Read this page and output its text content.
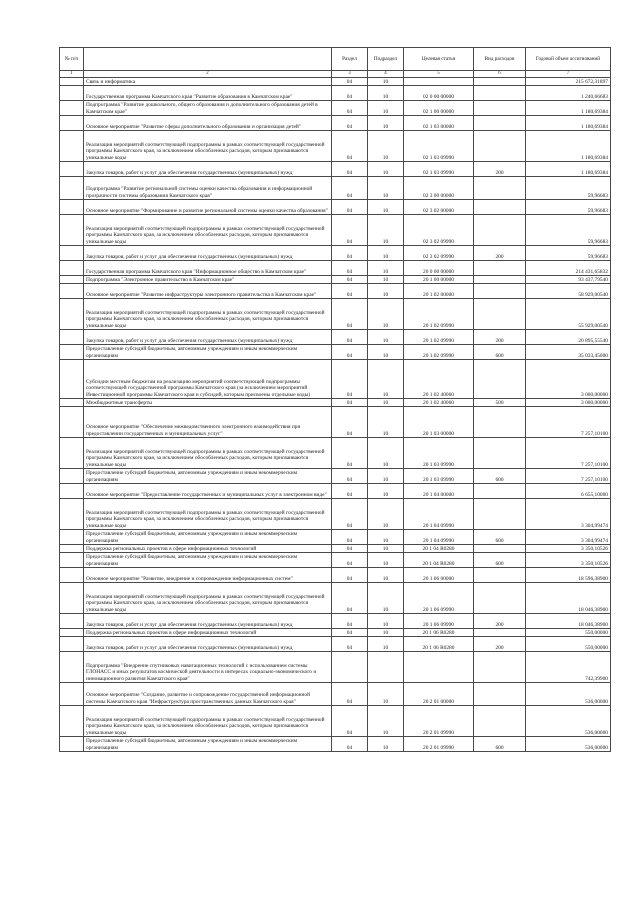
№ п/п		Раздел	Подраздел	Целевая статья	Вид расходов	Годовой объем ассигнований
1	2	3	4	5	6	7
	Связь и информатика	04	10			215 672,31897
	Государственная программа Камчатского края "Развитие образования в Камчатском крае"	04	10	02 0 00 00000		1 240,66683
	Подпрограмма "Развитие дошкольного, общего образования и дополнительного образования детей в Камчатском крае"	04	10	02 1 00 00000		1 180,69384
	Основное мероприятие "Развитие сферы дополнительного образования и организация детей"	04	10	02 1 03 00000		1 180,69384
	Реализация мероприятий соответствующей подпрограммы в рамках соответствующей государственной программы Камчатского края, за исключением обособленных расходов, которым присваиваются уникальные коды	04	10	02 1 03 09990		1 180,69384
	Закупка товаров, работ и услуг для обеспечения государственных (муниципальных) нужд	04	10	02 1 03 09990	200	1 180,69384
	Подпрограмма "Развитие региональной системы оценки качества образования и информационной прозрачности системы образования Камчатского края"	04	10	02 3 00 00000		59,96683
	Основное мероприятие "Формирование и развитие региональной системы оценки качества образования"	04	10	02 3 02 00000		59,96683
	Реализация мероприятий соответствующей подпрограммы в рамках соответствующей государственной программы Камчатского края, за исключением обособленных расходов, которым присваиваются уникальные коды	04	10	02 3 02 09990		59,96683
	Закупка товаров, работ и услуг для обеспечения государственных (муниципальных) нужд	04	10	02 3 02 09990	200	59,96683
	Государственная программа Камчатского края "Информационное общество в Камчатском крае"	04	10	20 0 00 00000		214 431,65832
	Подпрограмма "Электронное правительство в Камчатском крае"	04	10	20 1 00 00000		93 437,79540
	Основное мероприятие "Развитие инфраструктуры электронного правительства в Камчатском крае"	04	10	20 1 02 00000		58 929,00540
	Реализация мероприятий соответствующей подпрограммы в рамках соответствующей государственной программы Камчатского края, за исключением обособленных расходов, которым присваиваются уникальные коды	04	10	20 1 02 09990		55 929,00540
	Закупка товаров, работ и услуг для обеспечения государственных (муниципальных) нужд	04	10	20 1 02 09990	200	20 895,55540
	Предоставление субсидий бюджетным, автономным учреждениям и иным некоммерческим организациям	04	10	20 1 02 09990	600	35 033,45000
	Субсидии местным бюджетам на реализацию мероприятий соответствующей подпрограммы соответствующей государственной программы Камчатского края (за исключением мероприятий Инвестиционной программы Камчатского края и субсидий, которым присвоены отдельные коды)	04	10	20 1 02 40060		3 000,00000
	Межбюджетные трансферты	04	10	20 1 02 40060	500	3 000,00000
	Основное мероприятие "Обеспечение межведомственного электронного взаимодействия при предоставлении государственных и муниципальных услуг"	04	10	20 1 03 00000		7 257,10100
	Реализация мероприятий соответствующей подпрограммы в рамках соответствующей государственной программы Камчатского края, за исключением обособленных расходов, которым присваиваются уникальные коды	04	10	20 1 03 09990		7 257,10100
	Предоставление субсидий бюджетным, автономным учреждениям и иным некоммерческим организациям	04	10	20 1 03 09990	600	7 257,10100
	Основное мероприятие "Предоставление государственных и муниципальных услуг в электронном виде"	04	10	20 1 04 00000		6 655,10000
	Реализация мероприятий соответствующей подпрограммы в рамках соответствующей государственной программы Камчатского края, за исключением обособленных расходов, которым присваиваются уникальные коды	04	10	20 1 04 09990		3 304,99474
	Предоставление субсидий бюджетным, автономным учреждениям и иным некоммерческим организациям	04	10	20 1 04 09990	600	3 304,99474
	Поддержка региональных проектов в сфере информационных технологий	04	10	20 1 04 R0280		3 350,10526
	Предоставление субсидий бюджетным, автономным учреждениям и иным некоммерческим организациям	04	10	20 1 04 R0280	600	3 350,10526
	Основное мероприятие "Развитие, внедрение и сопровождение информационных систем"	04	10	20 1 06 00000		18 596,38900
	Реализация мероприятий соответствующей подпрограммы в рамках соответствующей государственной программы Камчатского края, за исключением обособленных расходов, которым присваиваются уникальные коды	04	10	20 1 06 09990		18 046,38900
	Закупка товаров, работ и услуг для обеспечения государственных (муниципальных) нужд	04	10	20 1 06 09990	200	18 046,38900
	Поддержка региональных проектов в сфере информационных технологий	04	10	20 1 06 R0280		550,00000
	Закупка товаров, работ и услуг для обеспечения государственных (муниципальных) нужд	04	10	20 1 06 R0280	200	550,00000
	Подпрограмма "Внедрение спутниковых навигационных технологий с использованием системы ГЛОНАСС и иных результатов космической деятельности в интересах социально-экономического и инновационного развития Камчатского края"					742,39900
	Основное мероприятие "Создание, развитие и сопровождение государственной информационной системы Камчатского края "Инфраструктура пространственных данных Камчатского края"	04	10	20 2 01 00000		536,00000
	Реализация мероприятий соответствующей подпрограммы в рамках соответствующей государственной программы Камчатского края, за исключением обособленных расходов, которым присваиваются уникальные коды	04	10	20 2 01 09990		536,00000
	Предоставление субсидий бюджетным, автономным учреждениям и иным некоммерческим организациям	04	10	20 2 01 09990	600	536,00000
